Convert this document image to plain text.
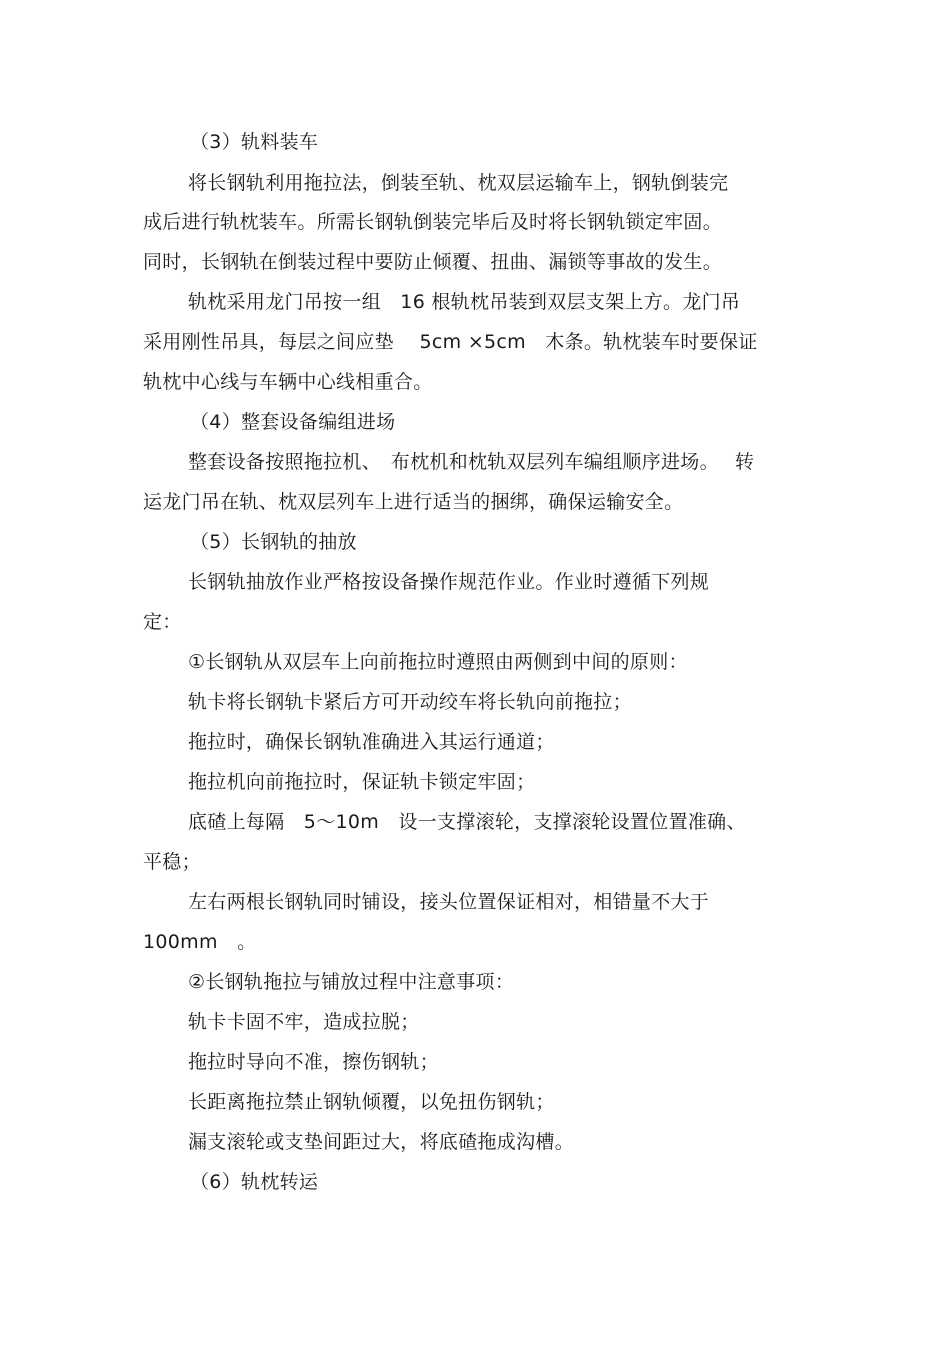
（3）轨料装车
将长钢轨利用拖拉法，倒装至轨、枕双层运输车上，钢轨倒装完
成后进行轨枕装车。所需长钢轨倒装完毕后及时将长钢轨锁定牢固。
同时，长钢轨在倒装过程中要防止倾覆、扭曲、漏锁等事故的发生。
轨枕采用龙门吊按一组　16 根轨枕吊装到双层支架上方。龙门吊
采用刚性吊具，每层之间应垫　 5cm ×5cm　木条。轨枕装车时要保证
轨枕中心线与车辆中心线相重合。
（4）整套设备编组进场
整套设备按照拖拉机、　布枕机和枕轨双层列车编组顺序进场。　 转
运龙门吊在轨、枕双层列车上进行适当的捆绑，确保运输安全。
（5）长钢轨的抽放
长钢轨抽放作业严格按设备操作规范作业。作业时遵循下列规
定：
①长钢轨从双层车上向前拖拉时遵照由两侧到中间的原则：
轨卡将长钢轨卡紧后方可开动绞车将长轨向前拖拉；
拖拉时，确保长钢轨准确进入其运行通道；
拖拉机向前拖拉时，保证轨卡锁定牢固；
底碴上每隔　5～10m　设一支撑滚轮，支撑滚轮设置位置准确、
平稳；
左右两根长钢轨同时铺设，接头位置保证相对，相错量不大于
100mm　。
②长钢轨拖拉与铺放过程中注意事项：
轨卡卡固不牢，造成拉脱；
拖拉时导向不准，擦伤钢轨；
长距离拖拉禁止钢轨倾覆，以免扭伤钢轨；
漏支滚轮或支垫间距过大，将底碴拖成沟槽。
（6）轨枕转运
